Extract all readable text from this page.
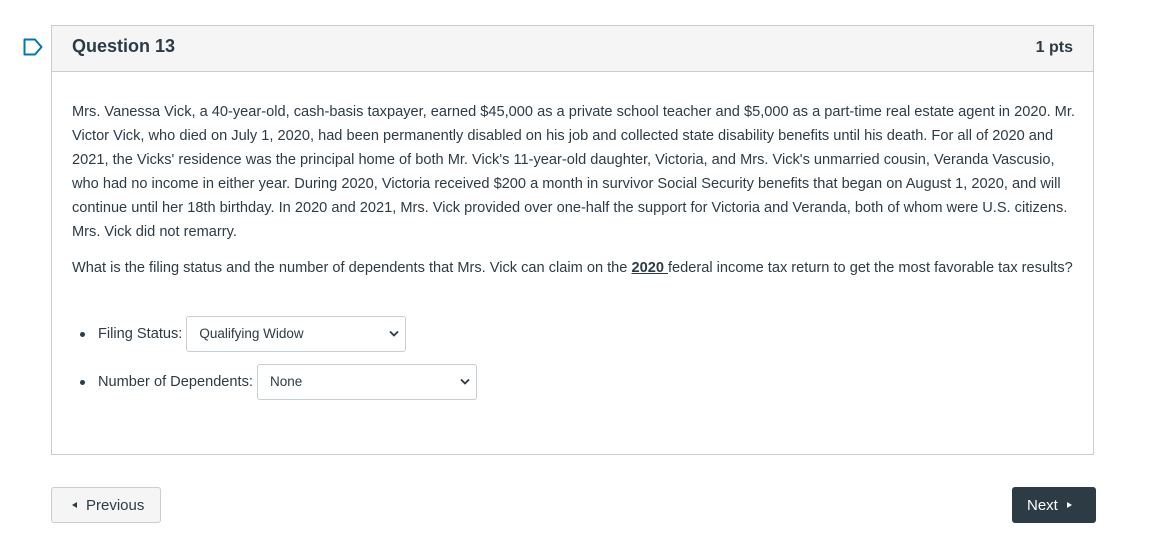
Question 13	1 pts

Mrs. Vanessa Vick, a 40-year-old, cash-basis taxpayer, earned $45,000 as a private school teacher and $5,000 as a part-time real estate agent in 2020. Mr. Victor Vick, who died on July 1, 2020, had been permanently disabled on his job and collected state disability benefits until his death. For all of 2020 and 2021, the Vicks' residence was the principal home of both Mr. Vick's 11-year-old daughter, Victoria, and Mrs. Vick's unmarried cousin, Veranda Vascusio, who had no income in either year. During 2020, Victoria received $200 a month in survivor Social Security benefits that began on August 1, 2020, and will continue until her 18th birthday. In 2020 and 2021, Mrs. Vick provided over one-half the support for Victoria and Veranda, both of whom were U.S. citizens. Mrs. Vick did not remarry.

What is the filing status and the number of dependents that Mrs. Vick can claim on the 2020 federal income tax return to get the most favorable tax results?

Filing Status:	Qualifying Widow
Number of Dependents:	None
Previous	Next
